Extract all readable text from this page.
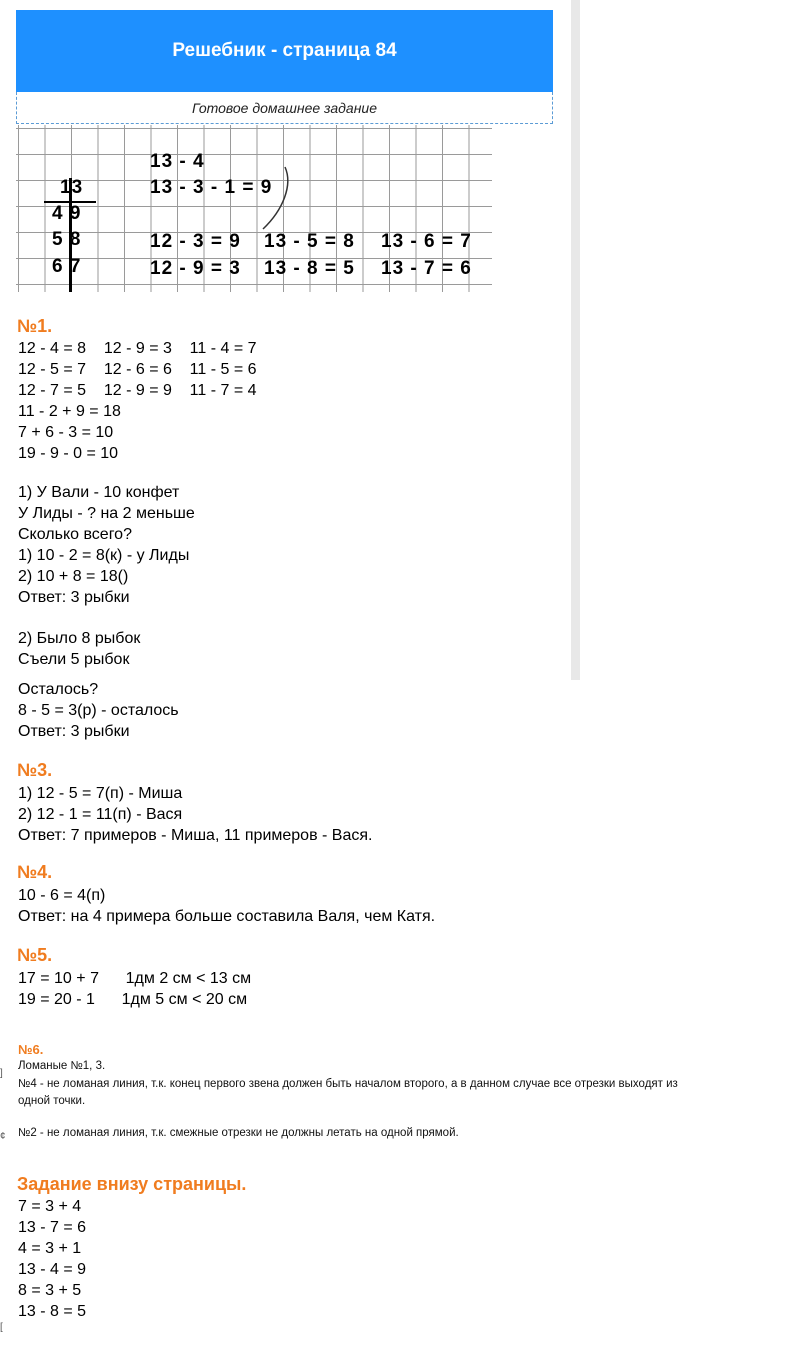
Решебник - страница 84
Готовое домашнее задание
13 - 4
13	13 - 3 - 1 = 9
4 9
5 8	12 - 3 = 9 13 - 5 = 8 13 - 6 = 7
6 7	12 - 9 = 3 13 - 8 = 5 13 - 7 = 6
№1.
12 - 4 = 8    12 - 9 = 3    11 - 4 = 7
12 - 5 = 7    12 - 6 = 6    11 - 5 = 6
12 - 7 = 5    12 - 9 = 9    11 - 7 = 4
11 - 2 + 9 = 18
7 + 6 - 3 = 10
19 - 9 - 0 = 10
1) У Вали - 10 конфет
У Лиды - ? на 2 меньше
Сколько всего?
1) 10 - 2 = 8(к) - у Лиды
2) 10 + 8 = 18()
Ответ: 3 рыбки
2) Было 8 рыбок
Съели 5 рыбок
Осталось?
8 - 5 = 3(р) - осталось
Ответ: 3 рыбки
№3.
1) 12 - 5 = 7(п) - Миша
2) 12 - 1 = 11(п) - Вася
Ответ: 7 примеров - Миша, 11 примеров - Вася.
№4.
10 - 6 = 4(п)
Ответ: на 4 примера больше составила Валя, чем Катя.
№5.
17 = 10 + 7      1дм 2 см < 13 см
19 = 20 - 1      1дм 5 см < 20 см
№6.
Ломаные №1, 3.
№4 - не ломаная линия, т.к. конец первого звена должен быть началом второго, а в данном случае все отрезки выходят из
одной точки.
№2 - не ломаная линия, т.к. смежные отрезки не должны летать на одной прямой.
]
¢
[
Задание внизу страницы.
7 = 3 + 4
13 - 7 = 6
4 = 3 + 1
13 - 4 = 9
8 = 3 + 5
13 - 8 = 5
